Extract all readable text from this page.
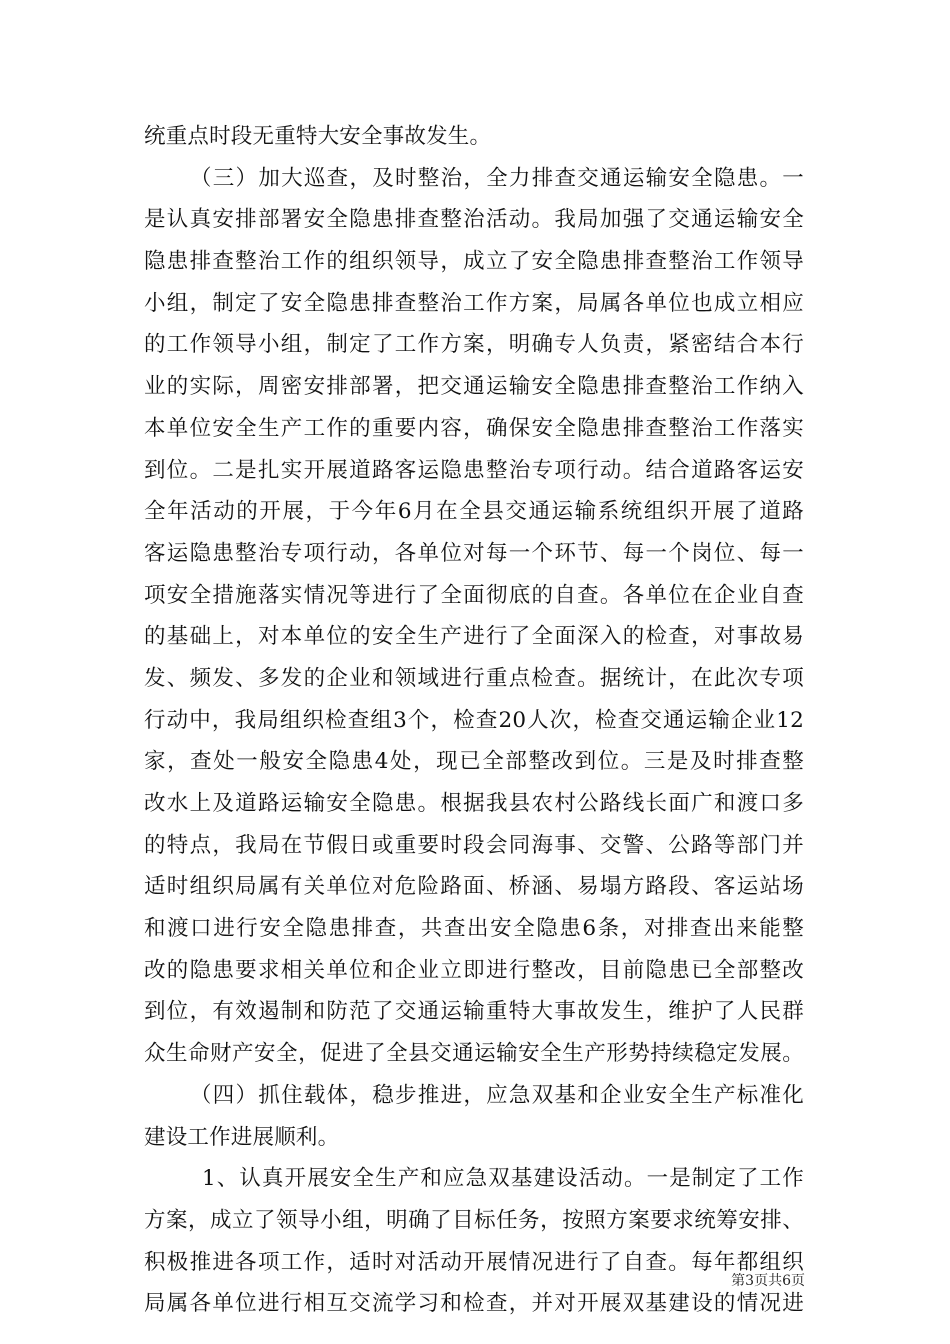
统重点时段无重特大安全事故发生。
（三）加大巡查，及时整治，全力排查交通运输安全隐患。一
是认真安排部署安全隐患排查整治活动。我局加强了交通运输安全
隐患排查整治工作的组织领导，成立了安全隐患排查整治工作领导
小组，制定了安全隐患排查整治工作方案，局属各单位也成立相应
的工作领导小组，制定了工作方案，明确专人负责，紧密结合本行
业的实际，周密安排部署，把交通运输安全隐患排查整治工作纳入
本单位安全生产工作的重要内容，确保安全隐患排查整治工作落实
到位。二是扎实开展道路客运隐患整治专项行动。结合道路客运安
全年活动的开展，于今年6月在全县交通运输系统组织开展了道路
客运隐患整治专项行动，各单位对每一个环节、每一个岗位、每一
项安全措施落实情况等进行了全面彻底的自查。各单位在企业自查
的基础上，对本单位的安全生产进行了全面深入的检查，对事故易
发、频发、多发的企业和领域进行重点检查。据统计，在此次专项
行动中，我局组织检查组3个，检查20人次，检查交通运输企业12
家，查处一般安全隐患4处，现已全部整改到位。三是及时排查整
改水上及道路运输安全隐患。根据我县农村公路线长面广和渡口多
的特点，我局在节假日或重要时段会同海事、交警、公路等部门并
适时组织局属有关单位对危险路面、桥涵、易塌方路段、客运站场
和渡口进行安全隐患排查，共查出安全隐患6条，对排查出来能整
改的隐患要求相关单位和企业立即进行整改，目前隐患已全部整改
到位，有效遏制和防范了交通运输重特大事故发生，维护了人民群
众生命财产安全，促进了全县交通运输安全生产形势持续稳定发展。
（四）抓住载体，稳步推进，应急双基和企业安全生产标准化
建设工作进展顺利。
1、认真开展安全生产和应急双基建设活动。一是制定了工作
方案，成立了领导小组，明确了目标任务，按照方案要求统筹安排、
积极推进各项工作，适时对活动开展情况进行了自查。每年都组织
局属各单位进行相互交流学习和检查，并对开展双基建设的情况进
第3页共6页
